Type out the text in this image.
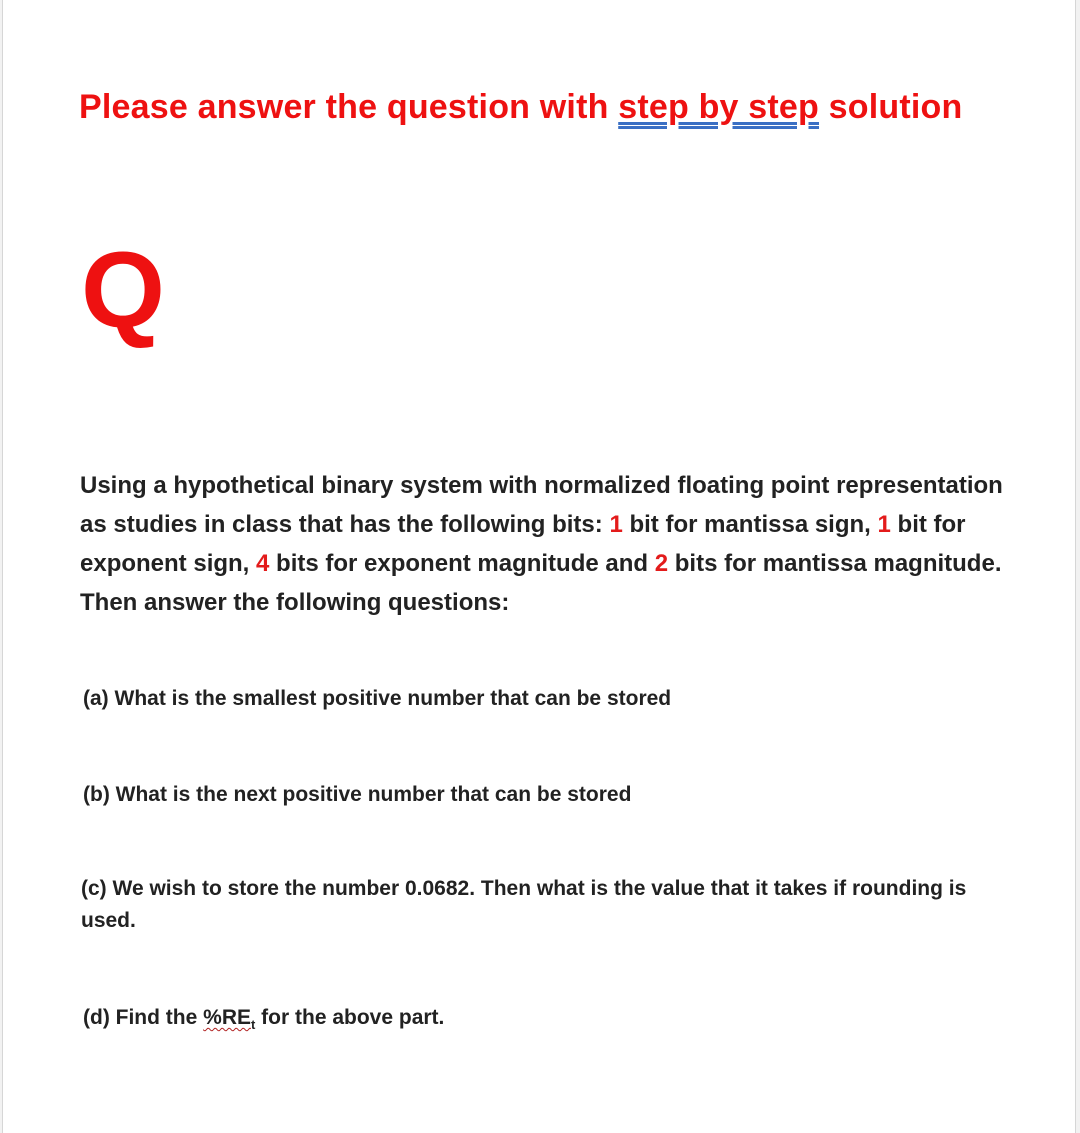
Please answer the question with step by step solution
Q
Using a hypothetical binary system with normalized floating point representation as studies in class that has the following bits: 1 bit for mantissa sign, 1 bit for exponent sign, 4 bits for exponent magnitude and 2 bits for mantissa magnitude. Then answer the following questions:
(a) What is the smallest positive number that can be stored
(b) What is the next positive number that can be stored
(c) We wish to store the number 0.0682. Then what is the value that it takes if rounding is used.
(d) Find the $\%RE_t$ for the above part.
